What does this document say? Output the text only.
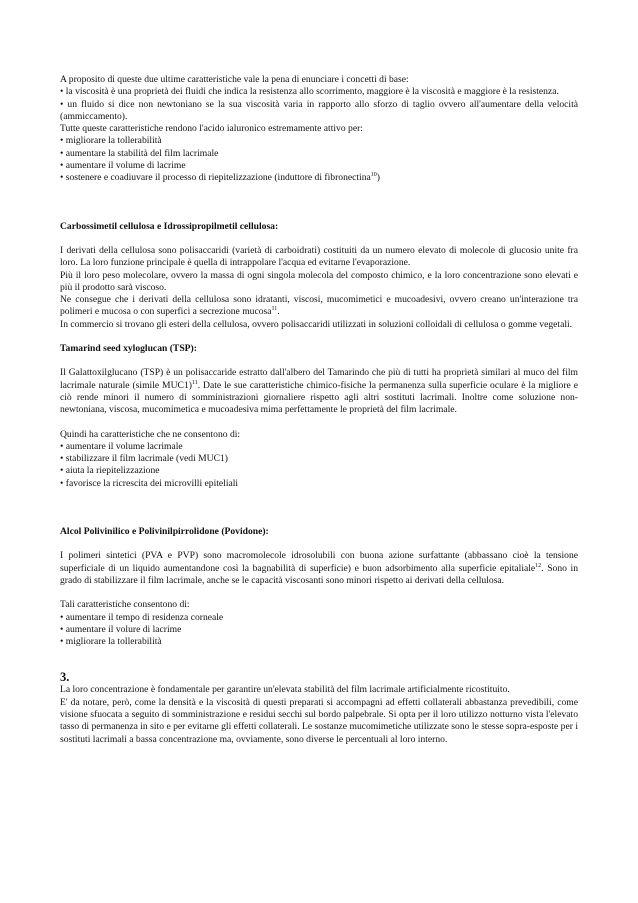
A proposito di queste due ultime caratteristiche vale la pena di enunciare i concetti di base:
• la viscosità è una proprietà dei fluidi che indica la resistenza allo scorrimento, maggiore è la viscosità e maggiore è la resistenza.
• un fluido si dice non newtoniano se la sua viscosità varia in rapporto allo sforzo di taglio ovvero all'aumentare della velocità (ammiccamento).
Tutte queste caratteristiche rendono l'acido ialuronico estremamente attivo per:
• migliorare la tollerabilità
• aumentare la stabilità del film lacrimale
• aumentare il volume di lacrime
• sostenere e coadiuvare il processo di riepitelizzazione (induttore di fibronectina$^{10}$)
Carbossimetil cellulosa e Idrossipropilmetil cellulosa:
I derivati della cellulosa sono polisaccaridi (varietà di carboidrati) costituiti da un numero elevato di molecole di glucosio unite fra loro. La loro funzione principale è quella di intrappolare l'acqua ed evitarne l'evaporazione.
Più il loro peso molecolare, ovvero la massa di ogni singola molecola del composto chimico, e la loro concentrazione sono elevati e più il prodotto sarà viscoso.
Ne consegue che i derivati della cellulosa sono idratanti, viscosi, mucomimetici e mucoadesivi, ovvero creano un'interazione tra polimeri e mucosa o con superfici a secrezione mucosa$^{11}$.
In commercio si trovano gli esteri della cellulosa, ovvero polisaccaridi utilizzati in soluzioni colloidali di cellulosa o gomme vegetali.
Tamarind seed xyloglucan (TSP):
Il Galattoxilglucano (TSP) è un polisaccaride estratto dall'albero del Tamarindo che più di tutti ha proprietà similari al muco del film lacrimale naturale (simile MUC1)$^{11}$. Date le sue caratteristiche chimico-fisiche la permanenza sulla superficie oculare è la migliore e ciò rende minori il numero di somministrazioni giornaliere rispetto agli altri sostituti lacrimali. Inoltre come soluzione non-newtoniana, viscosa, mucomimetica e mucoadesiva mima perfettamente le proprietà del film lacrimale.
Quindi ha caratteristiche che ne consentono di:
• aumentare il volume lacrimale
• stabilizzare il film lacrimale (vedi MUC1)
• aiuta la riepitelizzazione
• favorisce la ricrescita dei microvilli epiteliali
Alcol Polivinilico e Polivinilpirrolidone (Povidone):
I polimeri sintetici (PVA e PVP) sono macromolecole idrosolubili con buona azione surfattante (abbassano cioè la tensione superficiale di un liquido aumentandone così la bagnabilità di superficie) e buon adsorbimento alla superficie epitaliale$^{12}$. Sono in grado di stabilizzare il film lacrimale, anche se le capacità viscosanti sono minori rispetto ai derivati della cellulosa.
Tali caratteristiche consentono di:
• aumentare il tempo di residenza corneale
• aumentare il volure di lacrime
• migliorare la tollerabilità
3.
La loro concentrazione è fondamentale per garantire un'elevata stabilità del film lacrimale artificialmente ricostituito.
E' da notare, però, come la densità e la viscosità di questi preparati si accompagni ad effetti collaterali abbastanza prevedibili, come visione sfuocata a seguito di somministrazione e residui secchi sul bordo palpebrale. Si opta per il loro utilizzo notturno vista l'elevato tasso di permanenza in sito e per evitarne gli effetti collaterali. Le sostanze mucomimetiche utilizzate sono le stesse sopra-esposte per i sostituti lacrimali a bassa concentrazione ma, ovviamente, sono diverse le percentuali al loro interno.
